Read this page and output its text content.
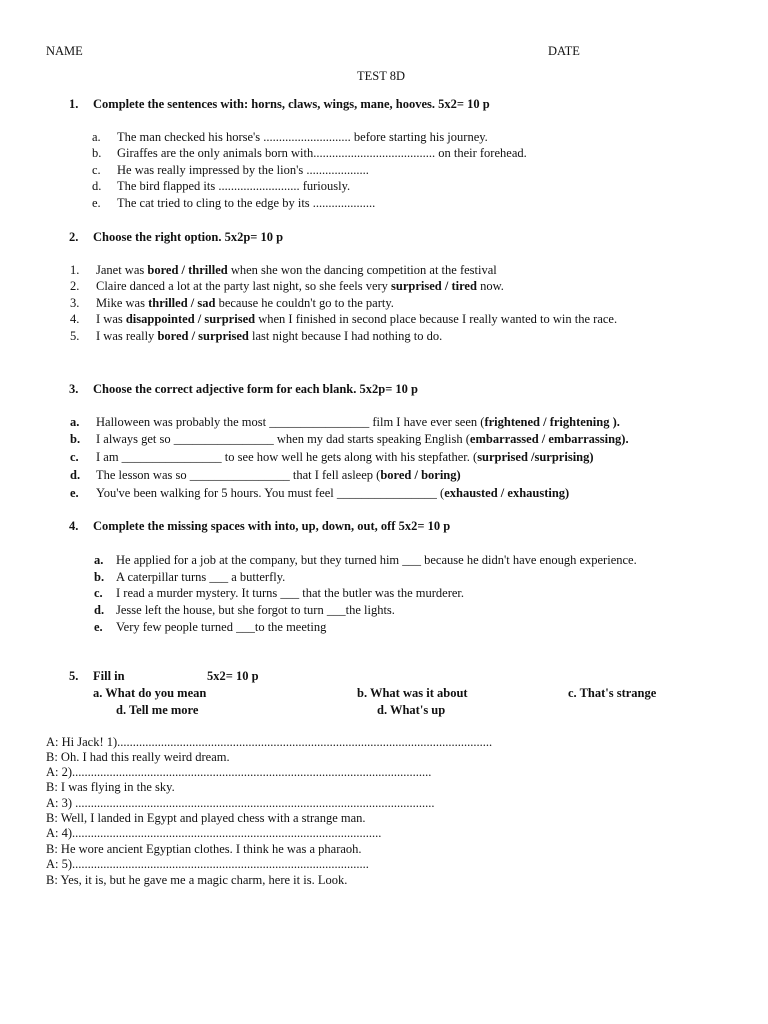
NAME	DATE
TEST 8D
1. Complete the sentences with: horns, claws, wings, mane, hooves. 5x2= 10 p
a. The man checked his horse's ............................ before starting his journey.
b. Giraffes are the only animals born with....................................... on their forehead.
c. He was really impressed by the lion's ....................
d. The bird flapped its .......................... furiously.
e. The cat tried to cling to the edge by its ....................
2. Choose the right option. 5x2p= 10 p
1. Janet was bored / thrilled when she won the dancing competition at the festival
2. Claire danced a lot at the party last night, so she feels very surprised / tired now.
3. Mike was thrilled / sad because he couldn't go to the party.
4. I was disappointed / surprised when I finished in second place because I really wanted to win the race.
5. I was really bored / surprised last night because I had nothing to do.
3. Choose the correct adjective form for each blank. 5x2p= 10 p
a. Halloween was probably the most ________________ film I have ever seen (frightened / frightening ).
b. I always get so ________________ when my dad starts speaking English (embarrassed / embarrassing).
c. I am ________________ to see how well he gets along with his stepfather. (surprised /surprising)
d. The lesson was so ________________ that I fell asleep (bored / boring)
e. You've been walking for 5 hours. You must feel ________________ (exhausted / exhausting)
4. Complete the missing spaces with into, up, down, out, off 5x2= 10 p
a. He applied for a job at the company, but they turned him ___ because he didn't have enough experience.
b. A caterpillar turns ___ a butterfly.
c. I read a murder mystery. It turns ___ that the butler was the murderer.
d. Jesse left the house, but she forgot to turn ___the lights.
e. Very few people turned ___to the meeting
5. Fill in	5x2= 10 p
a. What do you mean	b. What was it about	c. That's strange
d. Tell me more	d. What's up
A: Hi Jack! 1)........................................................................................................................
B: Oh. I had this really weird dream.
A: 2)...................................................................................................................
B: I was flying in the sky.
A: 3) ...................................................................................................................
B: Well, I landed in Egypt and played chess with a strange man.
A: 4)...................................................................................................
B: He wore ancient Egyptian clothes. I think he was a pharaoh.
A: 5)...............................................................................................
B: Yes, it is, but he gave me a magic charm, here it is. Look.
